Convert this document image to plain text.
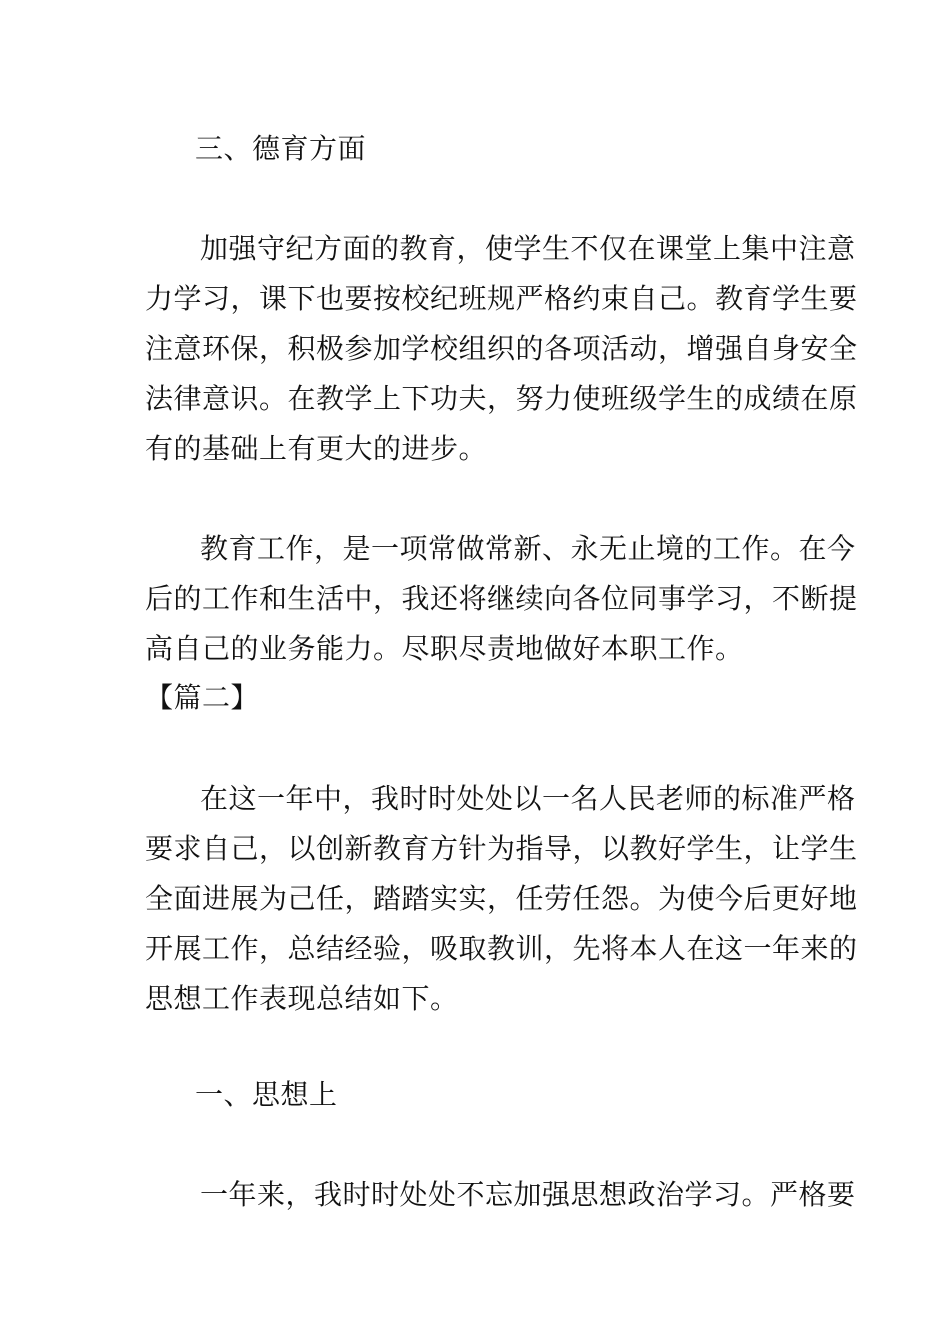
三、德育方面
加强守纪方面的教育，使学生不仅在课堂上集中注意
力学习，课下也要按校纪班规严格约束自己。教育学生要
注意环保，积极参加学校组织的各项活动，增强自身安全
法律意识。在教学上下功夫，努力使班级学生的成绩在原
有的基础上有更大的进步。
教育工作，是一项常做常新、永无止境的工作。在今
后的工作和生活中，我还将继续向各位同事学习，不断提
高自己的业务能力。尽职尽责地做好本职工作。
【篇二】
在这一年中，我时时处处以一名人民老师的标准严格
要求自己，以创新教育方针为指导，以教好学生，让学生
全面进展为己任，踏踏实实，任劳任怨。为使今后更好地
开展工作，总结经验，吸取教训，先将本人在这一年来的
思想工作表现总结如下。
一、思想上
一年来，我时时处处不忘加强思想政治学习。严格要
